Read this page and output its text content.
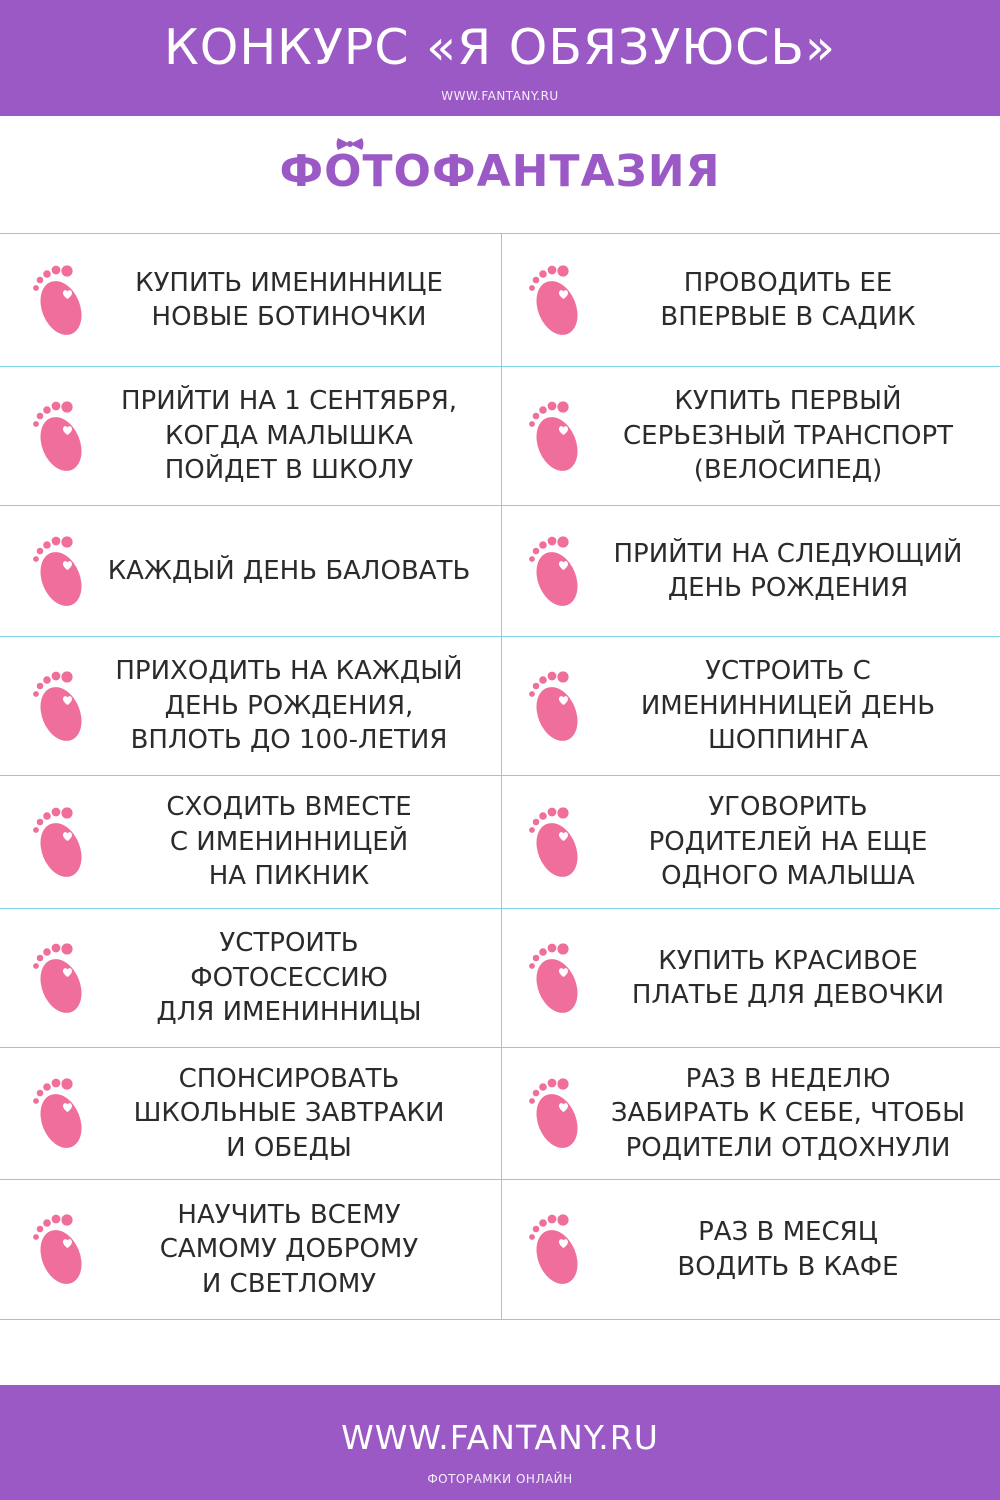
КОНКУРС «Я ОБЯЗУЮСЬ»
WWW.FANTANY.RU
ФОТОФАНТАЗИЯ
КУПИТЬ ИМЕНИННИЦЕ
НОВЫЕ БОТИНОЧКИ
ПРОВОДИТЬ ЕЕ
ВПЕРВЫЕ В САДИК
ПРИЙТИ НА 1 СЕНТЯБРЯ,
КОГДА МАЛЫШКА
ПОЙДЕТ В ШКОЛУ
КУПИТЬ ПЕРВЫЙ
СЕРЬЕЗНЫЙ ТРАНСПОРТ
(ВЕЛОСИПЕД)
КАЖДЫЙ ДЕНЬ БАЛОВАТЬ
ПРИЙТИ НА СЛЕДУЮЩИЙ
ДЕНЬ РОЖДЕНИЯ
ПРИХОДИТЬ НА КАЖДЫЙ
ДЕНЬ РОЖДЕНИЯ,
ВПЛОТЬ ДО 100-ЛЕТИЯ
УСТРОИТЬ С
ИМЕНИННИЦЕЙ ДЕНЬ
ШОППИНГА
СХОДИТЬ ВМЕСТЕ
С ИМЕНИННИЦЕЙ
НА ПИКНИК
УГОВОРИТЬ
РОДИТЕЛЕЙ НА ЕЩЕ
ОДНОГО МАЛЫША
УСТРОИТЬ
ФОТОСЕССИЮ
ДЛЯ ИМЕНИННИЦЫ
КУПИТЬ КРАСИВОЕ
ПЛАТЬЕ ДЛЯ ДЕВОЧКИ
СПОНСИРОВАТЬ
ШКОЛЬНЫЕ ЗАВТРАКИ
И ОБЕДЫ
РАЗ В НЕДЕЛЮ
ЗАБИРАТЬ К СЕБЕ, ЧТОБЫ
РОДИТЕЛИ ОТДОХНУЛИ
НАУЧИТЬ ВСЕМУ
САМОМУ ДОБРОМУ
И СВЕТЛОМУ
РАЗ В МЕСЯЦ
ВОДИТЬ В КАФЕ
WWW.FANTANY.RU
ФОТОРАМКИ ОНЛАЙН
